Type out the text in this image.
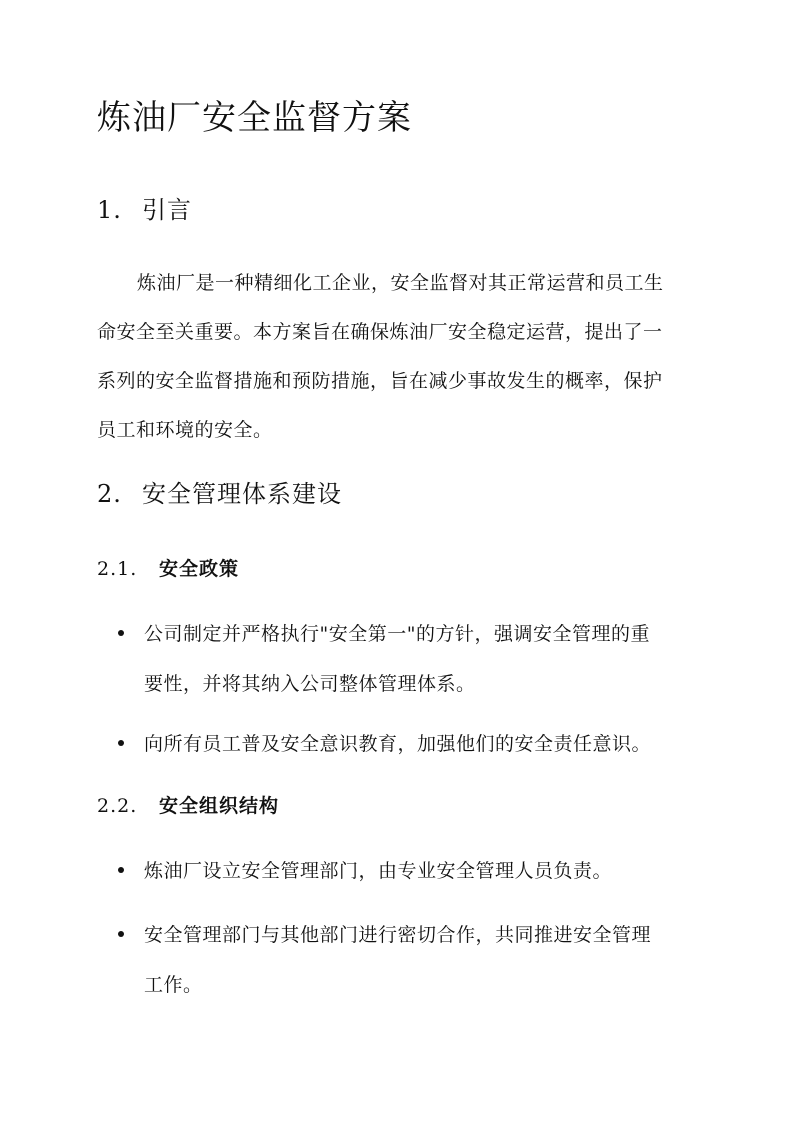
炼油厂安全监督方案
1. 引言

炼油厂是一种精细化工企业，安全监督对其正常运营和员工生
命安全至关重要。本方案旨在确保炼油厂安全稳定运营，提出了一
系列的安全监督措施和预防措施，旨在减少事故发生的概率，保护
员工和环境的安全。

2. 安全管理体系建设
2.1. 安全政策
公司制定并严格执行"安全第一"的方针，强调安全管理的重
要性，并将其纳入公司整体管理体系。
向所有员工普及安全意识教育，加强他们的安全责任意识。
2.2. 安全组织结构
炼油厂设立安全管理部门，由专业安全管理人员负责。
安全管理部门与其他部门进行密切合作，共同推进安全管理
工作。
